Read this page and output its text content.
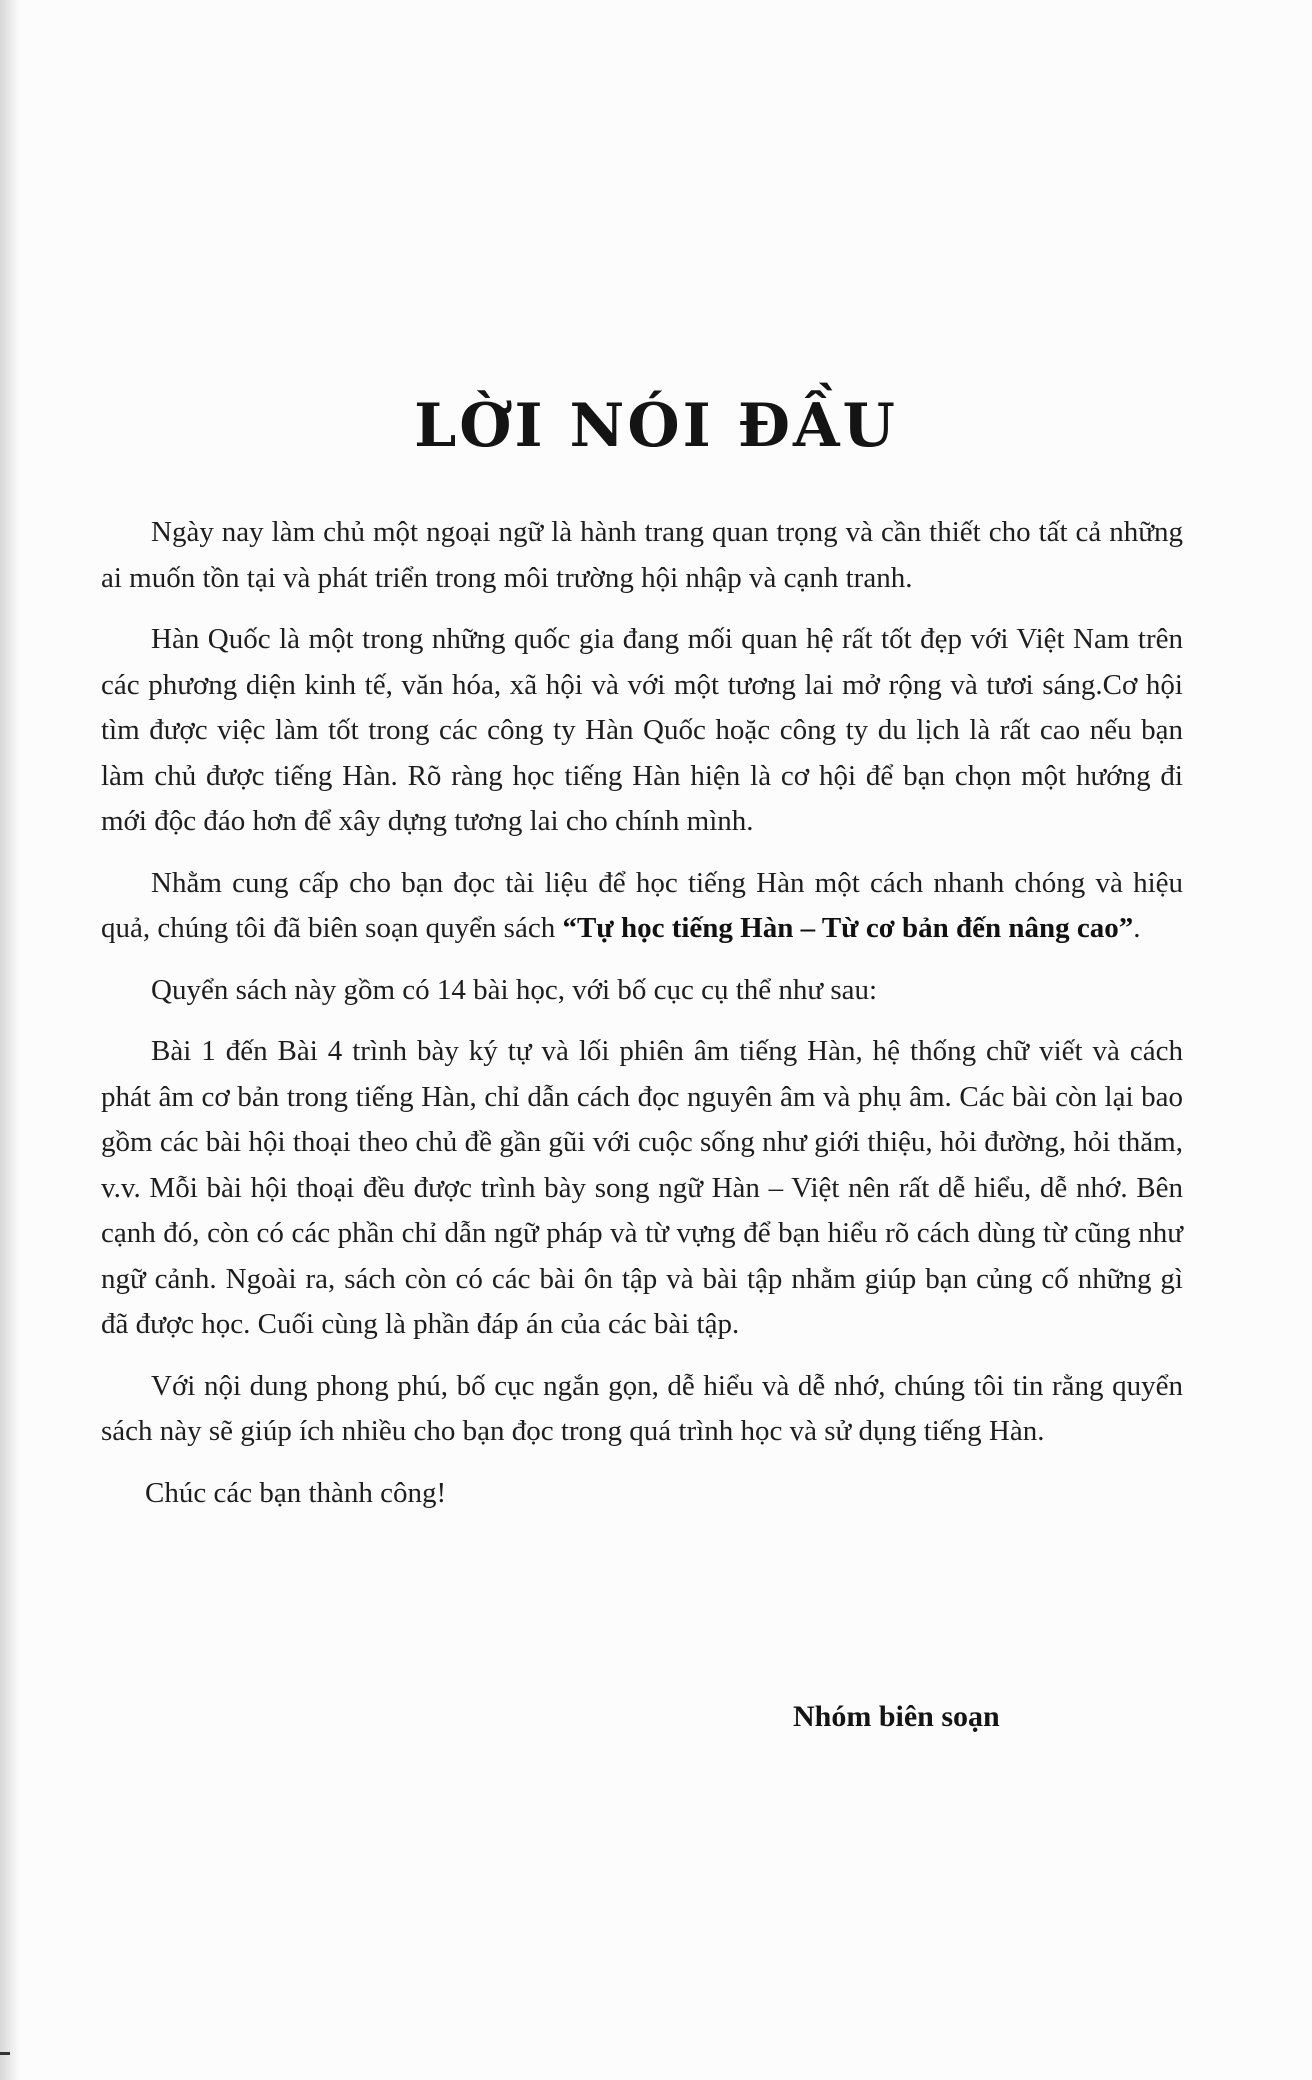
LỜI NÓI ĐẦU

Ngày nay làm chủ một ngoại ngữ là hành trang quan trọng và cần thiết cho tất cả những ai muốn tồn tại và phát triển trong môi trường hội nhập và cạnh tranh.

Hàn Quốc là một trong những quốc gia đang mối quan hệ rất tốt đẹp với Việt Nam trên các phương diện kinh tế, văn hóa, xã hội và với một tương lai mở rộng và tươi sáng.Cơ hội tìm được việc làm tốt trong các công ty Hàn Quốc hoặc công ty du lịch là rất cao nếu bạn làm chủ được tiếng Hàn. Rõ ràng học tiếng Hàn hiện là cơ hội để bạn chọn một hướng đi mới độc đáo hơn để xây dựng tương lai cho chính mình.

Nhằm cung cấp cho bạn đọc tài liệu để học tiếng Hàn một cách nhanh chóng và hiệu quả, chúng tôi đã biên soạn quyển sách “Tự học tiếng Hàn – Từ cơ bản đến nâng cao”.

Quyển sách này gồm có 14 bài học, với bố cục cụ thể như sau:

Bài 1 đến Bài 4 trình bày ký tự và lối phiên âm tiếng Hàn, hệ thống chữ viết và cách phát âm cơ bản trong tiếng Hàn, chỉ dẫn cách đọc nguyên âm và phụ âm. Các bài còn lại bao gồm các bài hội thoại theo chủ đề gần gũi với cuộc sống như giới thiệu, hỏi đường, hỏi thăm, v.v. Mỗi bài hội thoại đều được trình bày song ngữ Hàn – Việt nên rất dễ hiểu, dễ nhớ. Bên cạnh đó, còn có các phần chỉ dẫn ngữ pháp và từ vựng để bạn hiểu rõ cách dùng từ cũng như ngữ cảnh. Ngoài ra, sách còn có các bài ôn tập và bài tập nhằm giúp bạn củng cố những gì đã được học. Cuối cùng là phần đáp án của các bài tập.

Với nội dung phong phú, bố cục ngắn gọn, dễ hiểu và dễ nhớ, chúng tôi tin rằng quyển sách này sẽ giúp ích nhiều cho bạn đọc trong quá trình học và sử dụng tiếng Hàn.

Chúc các bạn thành công!

Nhóm biên soạn
